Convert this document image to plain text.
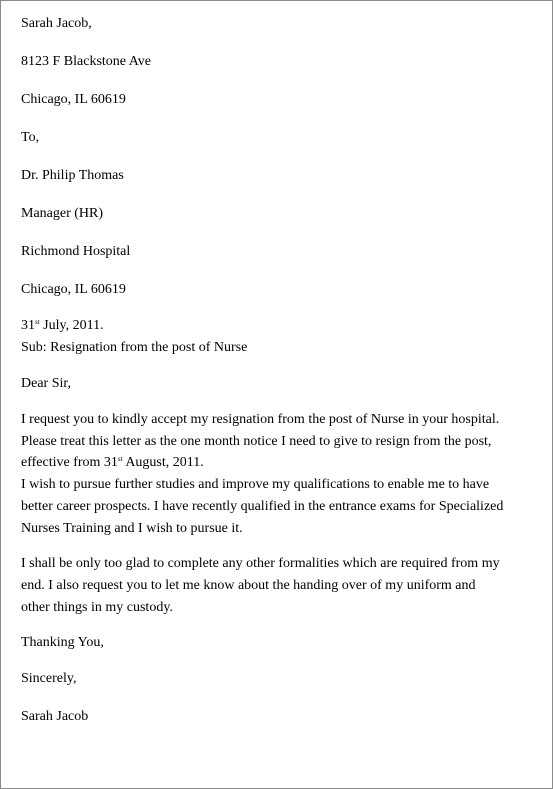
Sarah Jacob,

8123 F Blackstone Ave

Chicago, IL 60619

To,

Dr. Philip Thomas

Manager (HR)

Richmond Hospital

Chicago, IL 60619

31st July, 2011.

Sub: Resignation from the post of Nurse

Dear Sir,

I request you to kindly accept my resignation from the post of Nurse in your hospital.

Please treat this letter as the one month notice I need to give to resign from the post,

effective from 31st August, 2011.

I wish to pursue further studies and improve my qualifications to enable me to have

better career prospects. I have recently qualified in the entrance exams for Specialized

Nurses Training and I wish to pursue it.

I shall be only too glad to complete any other formalities which are required from my

end. I also request you to let me know about the handing over of my uniform and

other things in my custody.

Thanking You,

Sincerely,

Sarah Jacob
